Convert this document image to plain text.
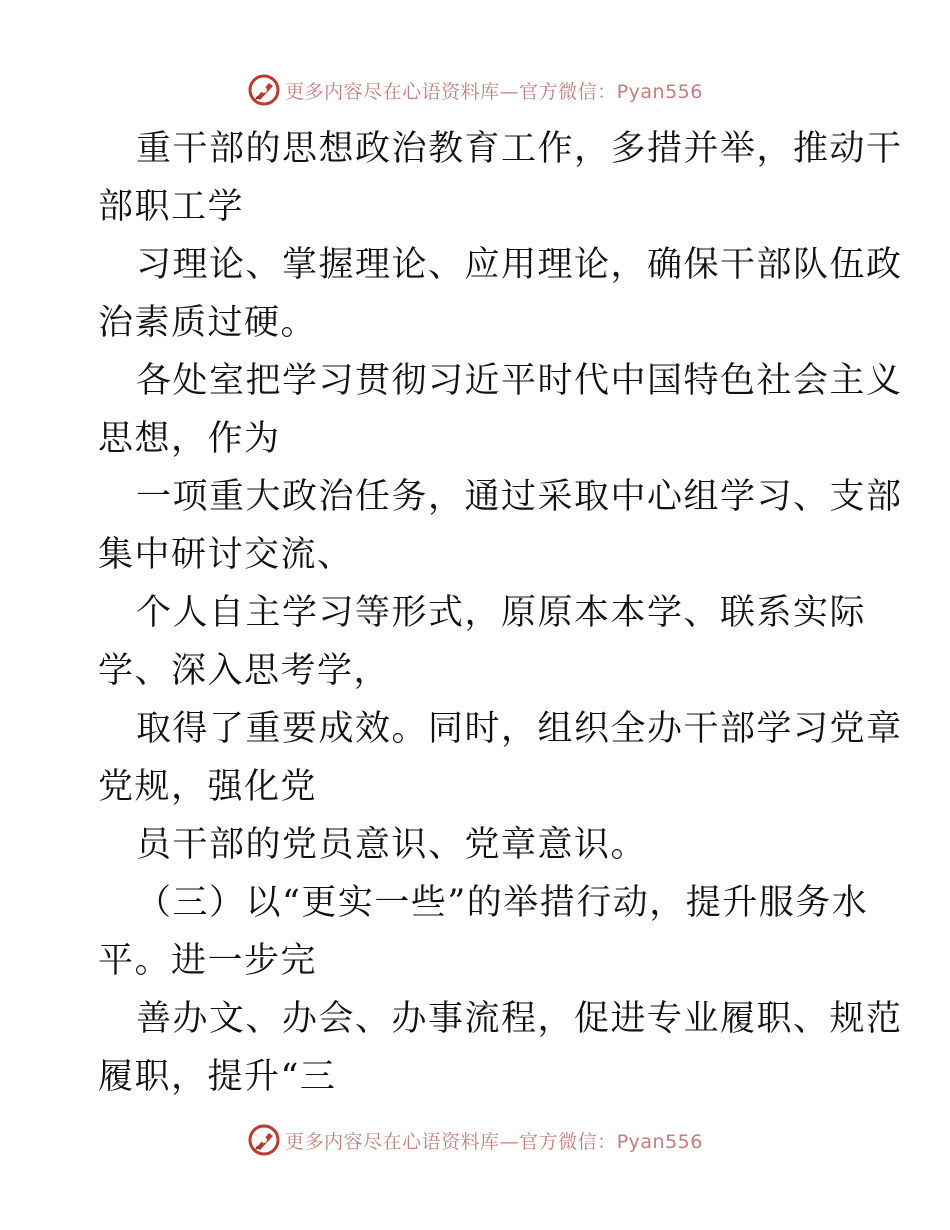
更多内容尽在心语资料库—官方微信：Pyan556
重干部的思想政治教育工作，多措并举，推动干
部职工学
习理论、掌握理论、应用理论，确保干部队伍政
治素质过硬。
各处室把学习贯彻习近平时代中国特色社会主义
思想，作为
一项重大政治任务，通过采取中心组学习、支部
集中研讨交流、
个人自主学习等形式，原原本本学、联系实际
学、深入思考学，
取得了重要成效。同时，组织全办干部学习党章
党规，强化党
员干部的党员意识、党章意识。
（三）以“更实一些”的举措行动，提升服务水
平。进一步完
善办文、办会、办事流程，促进专业履职、规范
履职，提升“三
更多内容尽在心语资料库—官方微信：Pyan556
